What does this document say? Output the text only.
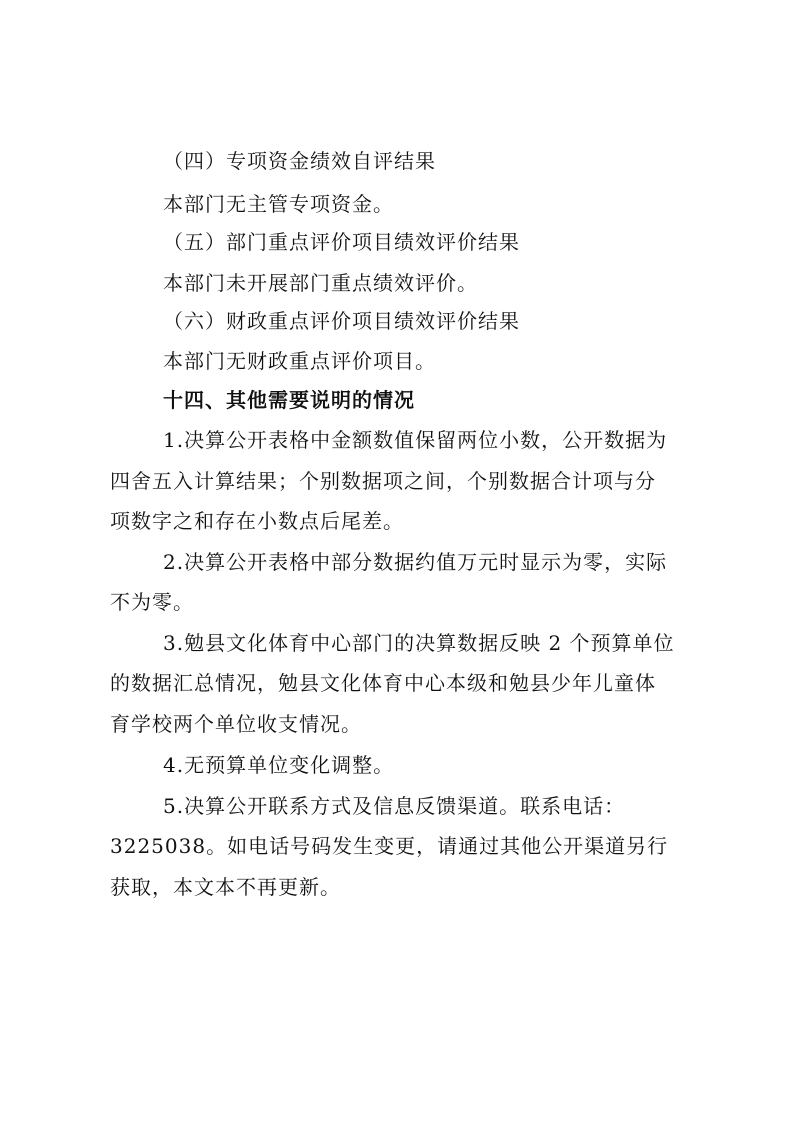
（四）专项资金绩效自评结果
本部门无主管专项资金。
（五）部门重点评价项目绩效评价结果
本部门未开展部门重点绩效评价。
（六）财政重点评价项目绩效评价结果
本部门无财政重点评价项目。
十四、其他需要说明的情况
1.决算公开表格中金额数值保留两位小数，公开数据为
四舍五入计算结果；个别数据项之间，个别数据合计项与分
项数字之和存在小数点后尾差。
2.决算公开表格中部分数据约值万元时显示为零，实际
不为零。
3.勉县文化体育中心部门的决算数据反映 2 个预算单位
的数据汇总情况，勉县文化体育中心本级和勉县少年儿童体
育学校两个单位收支情况。
4.无预算单位变化调整。
5.决算公开联系方式及信息反馈渠道。联系电话：
3225038。如电话号码发生变更，请通过其他公开渠道另行
获取，本文本不再更新。
